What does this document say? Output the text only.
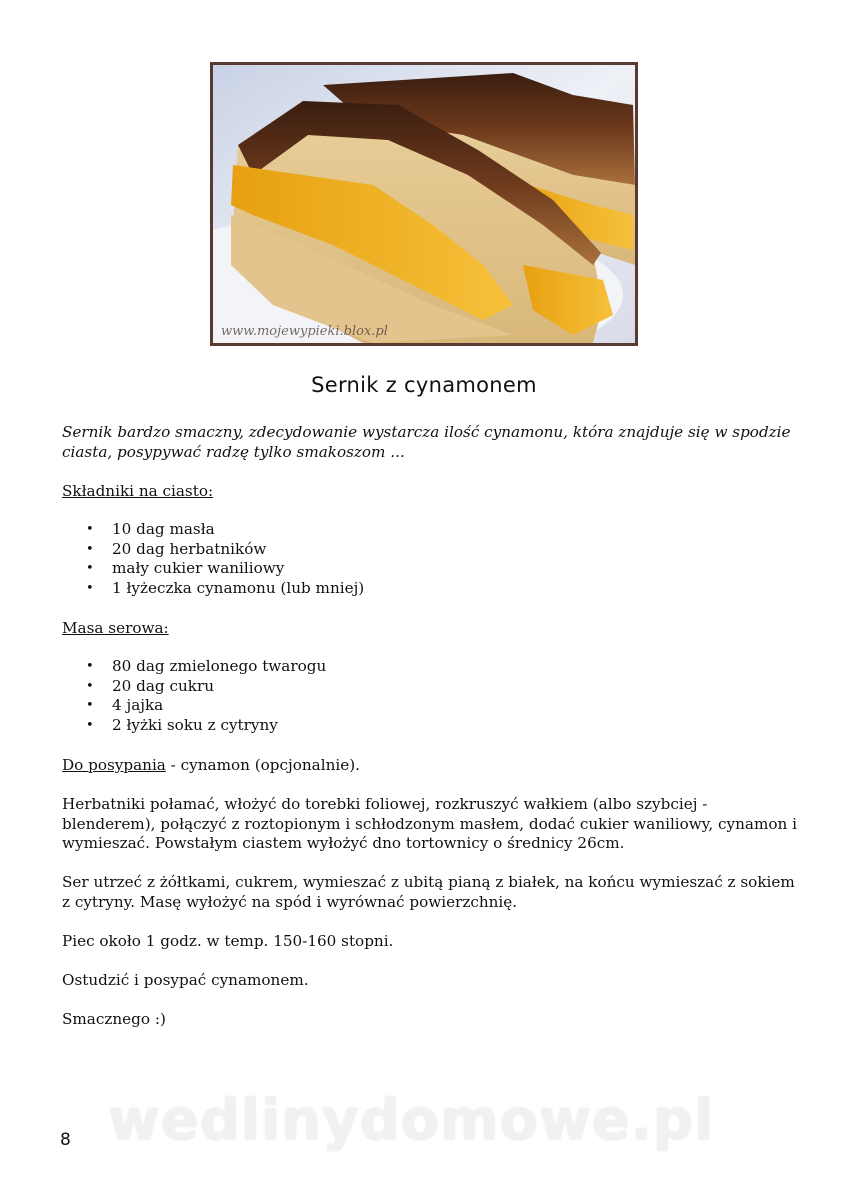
www.mojewypieki.blox.pl
Sernik z cynamonem
Sernik bardzo smaczny, zdecydowanie wystarcza ilość cynamonu, która znajduje się w spodzie ciasta, posypywać radzę tylko smakoszom ...
Składniki na ciasto:
• 10 dag masła
• 20 dag herbatników
• mały cukier waniliowy
• 1 łyżeczka cynamonu (lub mniej)
Masa serowa:
• 80 dag zmielonego twarogu
• 20 dag cukru
• 4 jajka
• 2 łyżki soku z cytryny
Do posypania - cynamon (opcjonalnie).
Herbatniki połamać, włożyć do torebki foliowej, rozkruszyć wałkiem (albo szybciej - blenderem), połączyć z roztopionym i schłodzonym masłem, dodać cukier waniliowy, cynamon i wymieszać. Powstałym ciastem wyłożyć dno tortownicy o średnicy 26cm.
Ser utrzeć z żółtkami, cukrem, wymieszać z ubitą pianą z białek, na końcu wymieszać z sokiem z cytryny. Masę wyłożyć na spód i wyrównać powierzchnię.
Piec około 1 godz. w temp. 150-160 stopni.
Ostudzić i posypać cynamonem.
Smacznego :)
wedlinydomowe.pl
8
